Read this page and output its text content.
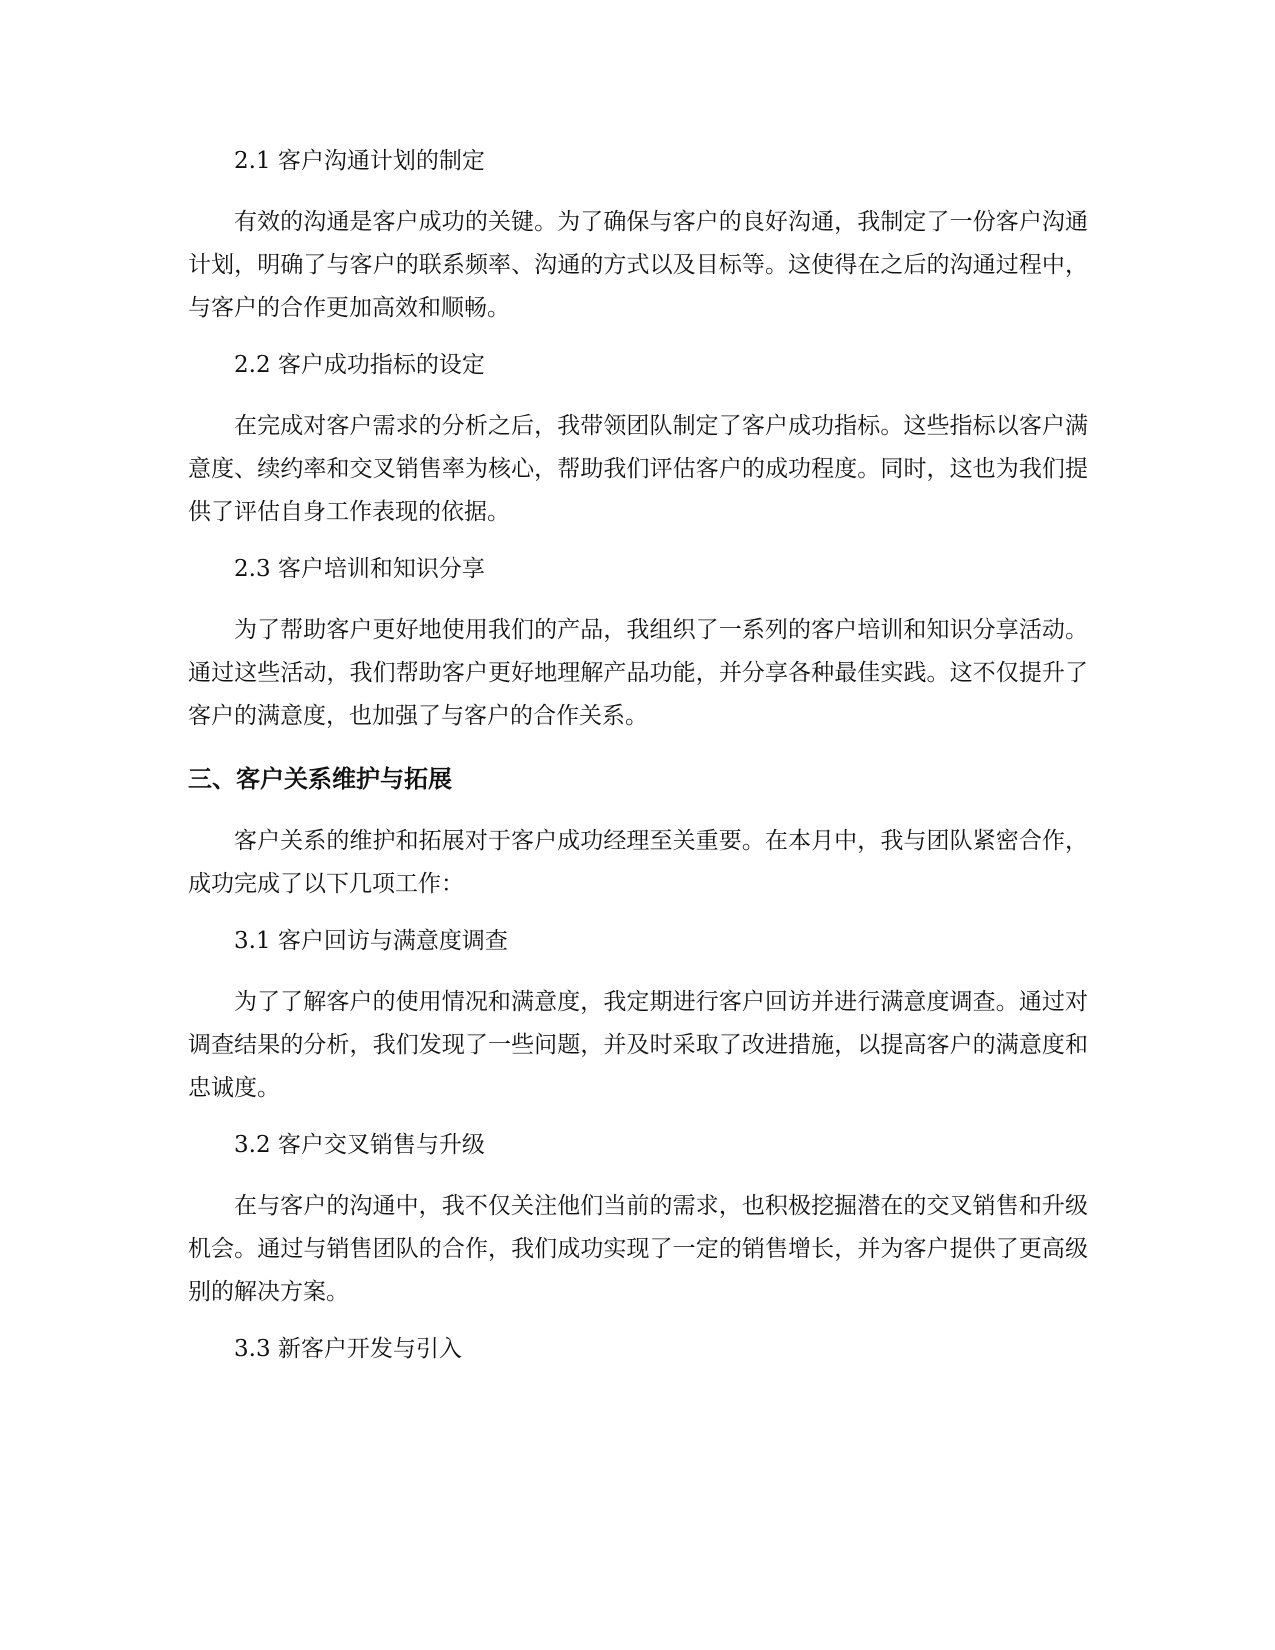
2.1 客户沟通计划的制定

有效的沟通是客户成功的关键。为了确保与客户的良好沟通，我制定了一份客户沟通计划，明确了与客户的联系频率、沟通的方式以及目标等。这使得在之后的沟通过程中，与客户的合作更加高效和顺畅。

2.2 客户成功指标的设定

在完成对客户需求的分析之后，我带领团队制定了客户成功指标。这些指标以客户满意度、续约率和交叉销售率为核心，帮助我们评估客户的成功程度。同时，这也为我们提供了评估自身工作表现的依据。

2.3 客户培训和知识分享

为了帮助客户更好地使用我们的产品，我组织了一系列的客户培训和知识分享活动。通过这些活动，我们帮助客户更好地理解产品功能，并分享各种最佳实践。这不仅提升了客户的满意度，也加强了与客户的合作关系。

三、客户关系维护与拓展

客户关系的维护和拓展对于客户成功经理至关重要。在本月中，我与团队紧密合作，成功完成了以下几项工作：

3.1 客户回访与满意度调查

为了了解客户的使用情况和满意度，我定期进行客户回访并进行满意度调查。通过对调查结果的分析，我们发现了一些问题，并及时采取了改进措施，以提高客户的满意度和忠诚度。

3.2 客户交叉销售与升级

在与客户的沟通中，我不仅关注他们当前的需求，也积极挖掘潜在的交叉销售和升级机会。通过与销售团队的合作，我们成功实现了一定的销售增长，并为客户提供了更高级别的解决方案。

3.3 新客户开发与引入
